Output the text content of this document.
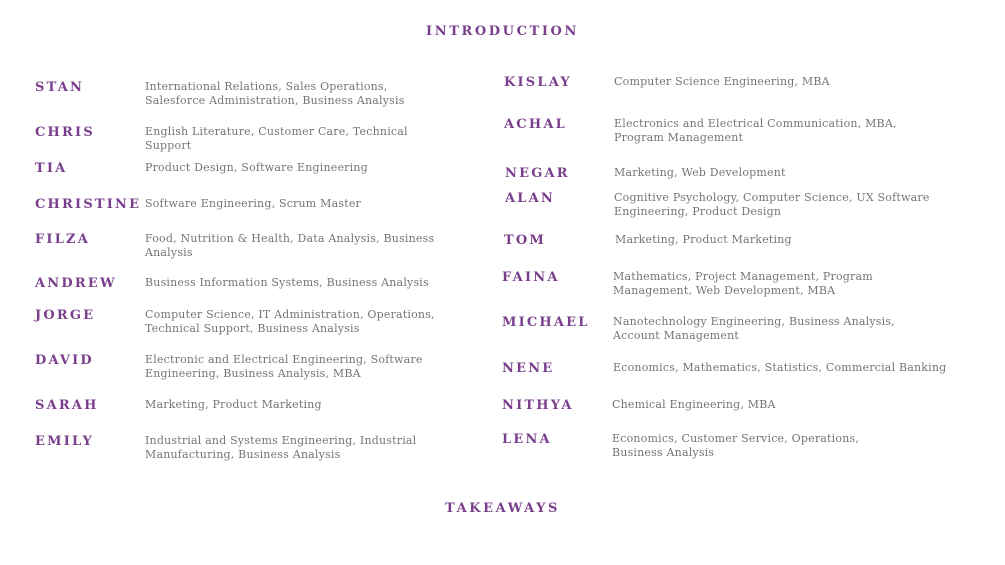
INTRODUCTION
STAN	International Relations, Sales Operations, Salesforce Administration, Business Analysis
CHRIS	English Literature, Customer Care, Technical Support
TIA	Product Design, Software Engineering
CHRISTINE Software Engineering, Scrum Master
FILZA	Food, Nutrition & Health, Data Analysis, Business Analysis
ANDREW	Business Information Systems, Business Analysis
JORGE	Computer Science, IT Administration, Operations, Technical Support, Business Analysis
DAVID	Electronic and Electrical Engineering, Software Engineering, Business Analysis, MBA
SARAH	Marketing, Product Marketing
EMILY	Industrial and Systems Engineering, Industrial Manufacturing, Business Analysis
KISLAY	Computer Science Engineering, MBA
ACHAL	Electronics and Electrical Communication, MBA, Program Management
NEGAR	Marketing, Web Development
ALAN	Cognitive Psychology, Computer Science, UX Software Engineering, Product Design
TOM	Marketing, Product Marketing
FAINA	Mathematics, Project Management, Program Management, Web Development, MBA
MICHAEL Nanotechnology Engineering, Business Analysis, Account Management
NENE	Economics, Mathematics, Statistics, Commercial Banking
NITHYA	Chemical Engineering, MBA
LENA	Economics, Customer Service, Operations, Business Analysis
TAKEAWAYS
